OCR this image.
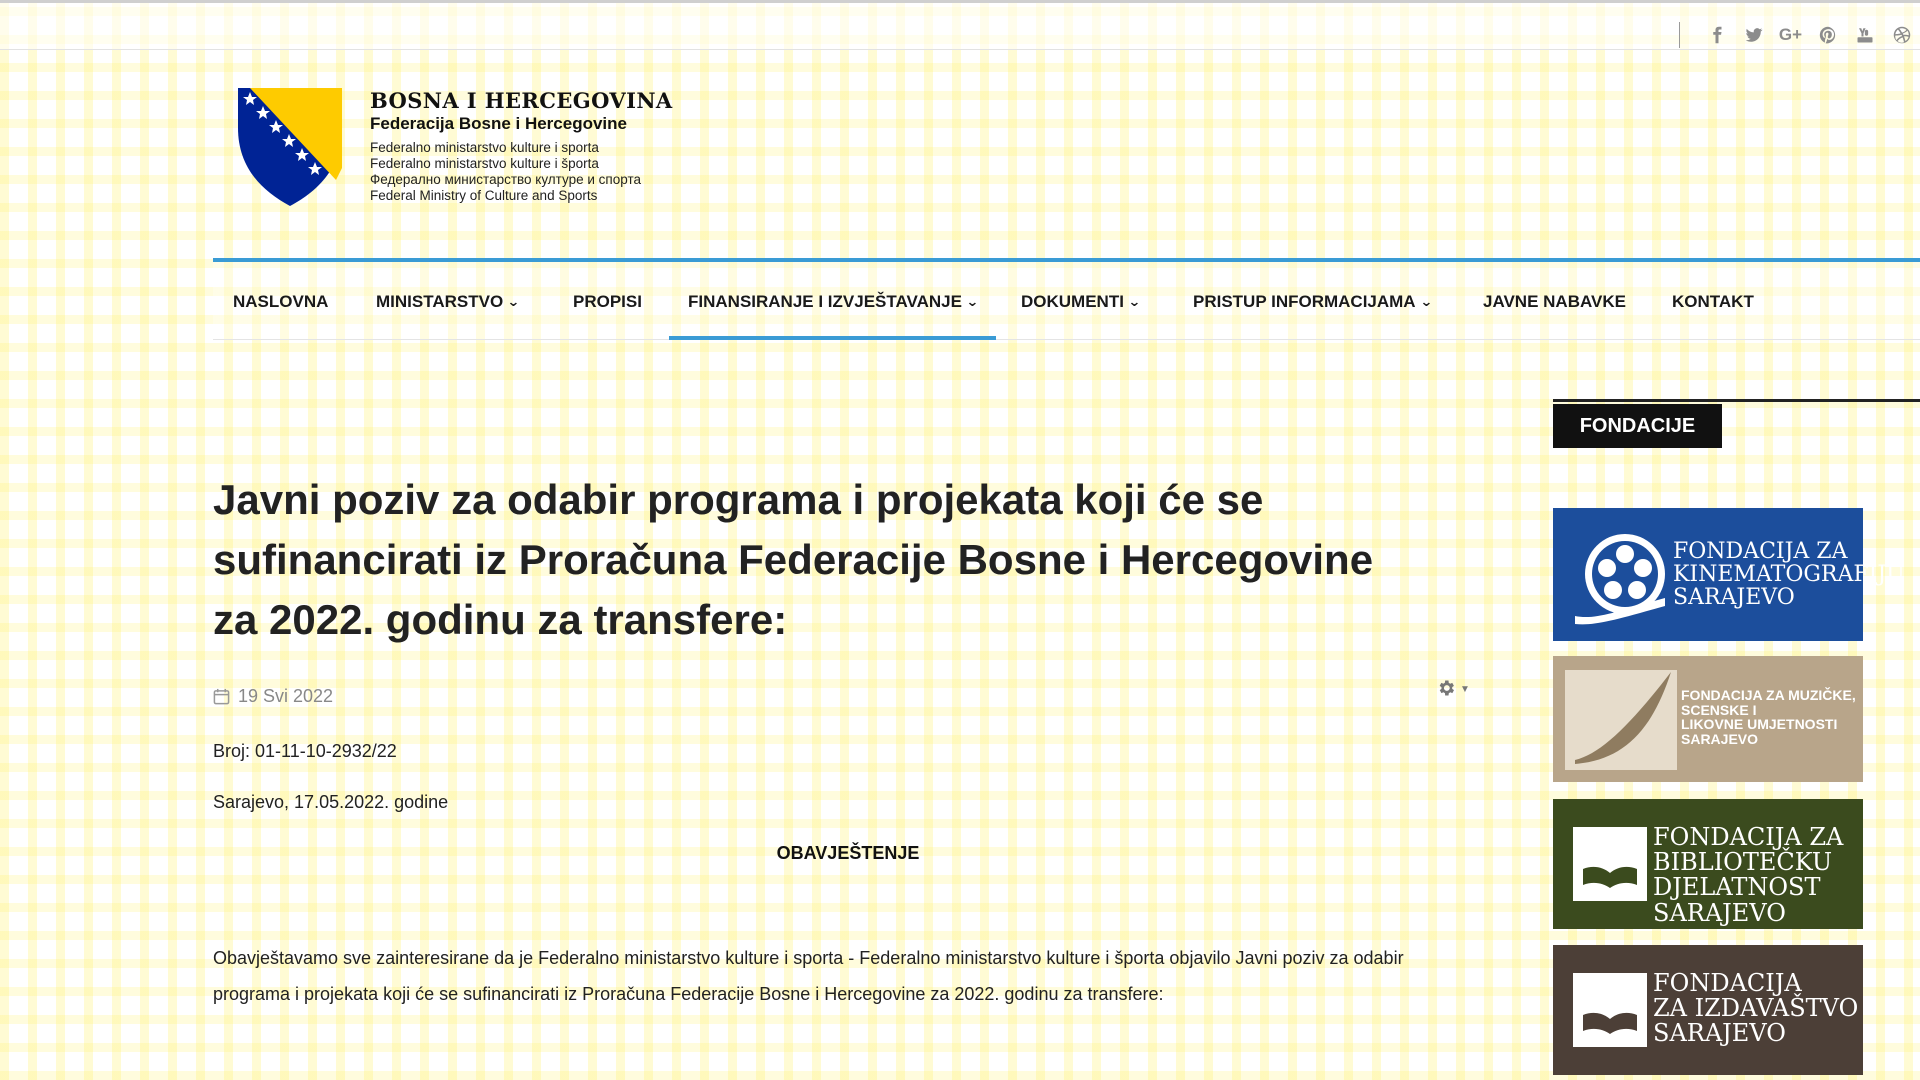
G+
BOSNA I HERCEGOVINA
Federacija Bosne i Hercegovine
Federalno ministarstvo kulture i sporta
Federalno ministarstvo kulture i športa
Федерално министарство културе и спорта
Federal Ministry of Culture and Sports
NASLOVNA	MINISTARSTVO ⌄	PROPISI	FINANSIRANJE I IZVJEŠTAVANJE ⌄ DOKUMENTI ⌄	PRISTUP INFORMACIJAMA ⌄	JAVNE NABAVKE	KONTAKT
Javni poziv za odabir programa i projekata koji će se sufinancirati iz Proračuna Federacije Bosne i Hercegovine za 2022. godinu za transfere:
19 Svi 2022	▼

Broj: 01-11-10-2932/22

Sarajevo, 17.05.2022. godine

OBAVJEŠTENJE

Obavještavamo sve zainteresirane da je Federalno ministarstvo kulture i sporta - Federalno ministarstvo kulture i športa objavilo Javni poziv za odabir programa i projekata koji će se sufinancirati iz Proračuna Federacije Bosne i Hercegovine za 2022. godinu za transfere:

FONDACIJE
FONDACIJA ZA
KINEMATOGRAFIJU
SARAJEVO
FONDACIJA ZA MUZIČKE,
SCENSKE I
LIKOVNE UMJETNOSTI
SARAJEVO
FONDACIJA ZA
BIBLIOTEČKU
DJELATNOST
SARAJEVO
FONDACIJA
ZA IZDAVAŠTVO
SARAJEVO
